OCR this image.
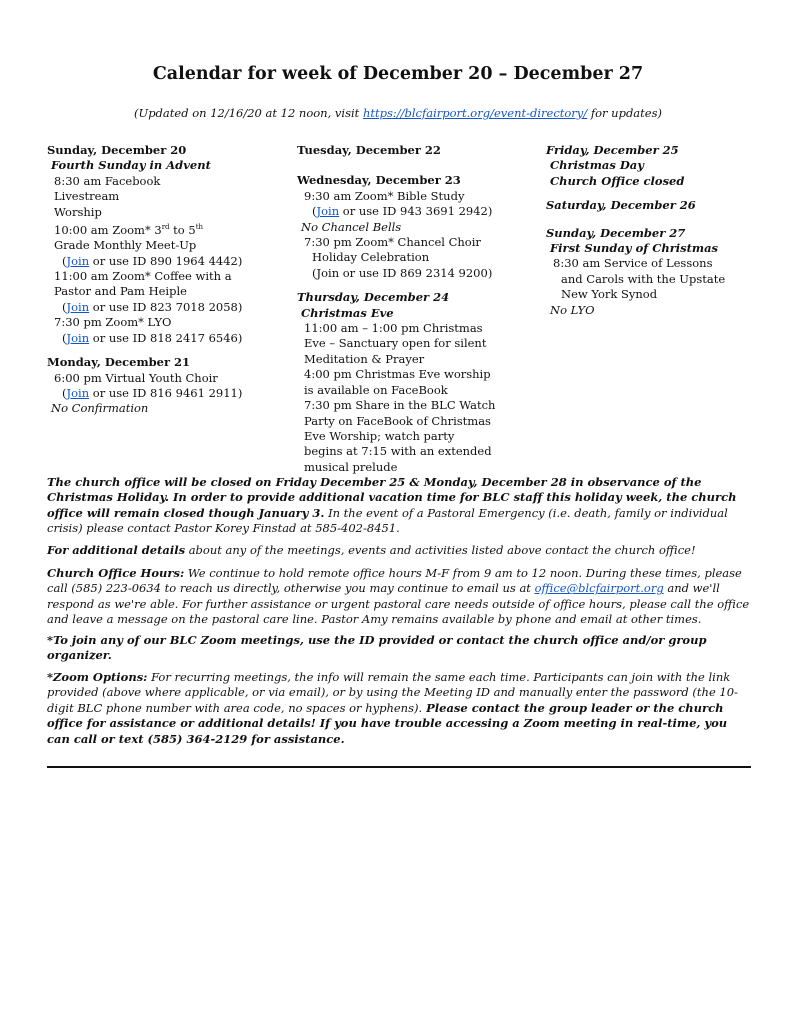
Calendar for week of December 20 – December 27
(Updated on 12/16/20 at 12 noon, visit https://blcfairport.org/event-directory/ for updates)
Sunday, December 20
Fourth Sunday in Advent
8:30 am Facebook
Livestream
Worship
10:00 am Zoom* 3rd to 5th
Grade Monthly Meet-Up
(Join or use ID 890 1964 4442)
11:00 am Zoom* Coffee with a
Pastor and Pam Heiple
(Join or use ID 823 7018 2058)
7:30 pm Zoom* LYO
(Join or use ID 818 2417 6546)
Monday, December 21
6:00 pm Virtual Youth Choir
(Join or use ID 816 9461 2911)
No Confirmation
Tuesday, December 22
Wednesday, December 23
9:30 am Zoom* Bible Study
(Join or use ID 943 3691 2942)
No Chancel Bells
7:30 pm Zoom* Chancel Choir
Holiday Celebration
(Join or use ID 869 2314 9200)
Thursday, December 24
Christmas Eve
11:00 am – 1:00 pm Christmas
Eve – Sanctuary open for silent
Meditation & Prayer
4:00 pm Christmas Eve worship
is available on FaceBook
7:30 pm Share in the BLC Watch
Party on FaceBook of Christmas
Eve Worship; watch party
begins at 7:15 with an extended
musical prelude
Friday, December 25
Christmas Day
Church Office closed
Saturday, December 26
Sunday, December 27
First Sunday of Christmas
8:30 am Service of Lessons
and Carols with the Upstate
New York Synod
No LYO
The church office will be closed on Friday December 25 & Monday, December 28 in observance of the Christmas Holiday. In order to provide additional vacation time for BLC staff this holiday week, the church office will remain closed though January 3. In the event of a Pastoral Emergency (i.e. death, family or individual crisis) please contact Pastor Korey Finstad at 585-402-8451.
For additional details about any of the meetings, events and activities listed above contact the church office!
Church Office Hours: We continue to hold remote office hours M-F from 9 am to 12 noon. During these times, please call (585) 223-0634 to reach us directly, otherwise you may continue to email us at office@blcfairport.org and we'll respond as we're able. For further assistance or urgent pastoral care needs outside of office hours, please call the office and leave a message on the pastoral care line. Pastor Amy remains available by phone and email at other times.
*To join any of our BLC Zoom meetings, use the ID provided or contact the church office and/or group organizer.
*Zoom Options: For recurring meetings, the info will remain the same each time. Participants can join with the link provided (above where applicable, or via email), or by using the Meeting ID and manually enter the password (the 10-digit BLC phone number with area code, no spaces or hyphens). Please contact the group leader or the church office for assistance or additional details! If you have trouble accessing a Zoom meeting in real-time, you can call or text (585) 364-2129 for assistance.
